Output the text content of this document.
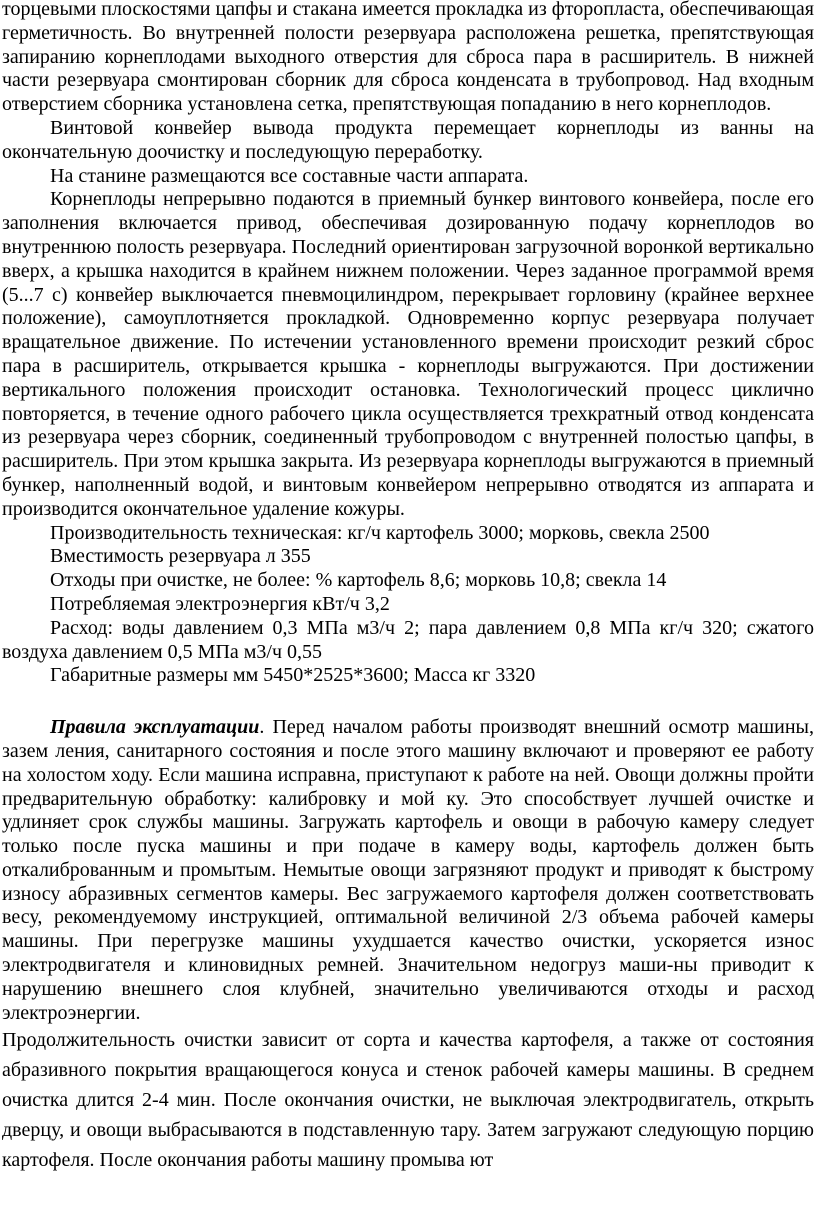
торцевыми плоскостями цапфы и стакана имеется прокладка из фторопласта, обеспечивающая герметичность. Во внутренней полости резервуара расположена решетка, препятствующая запиранию корнеплодами выходного отверстия для сброса пара в расширитель. В нижней части резервуара смонтирован сборник для сброса конденсата в трубопровод. Над входным отверстием сборника установлена сетка, препятствующая попаданию в него корнеплодов.

Винтовой конвейер вывода продукта перемещает корнеплоды из ванны на окончательную доочистку и последующую переработку.

На станине размещаются все составные части аппарата.

Корнеплоды непрерывно подаются в приемный бункер винтового конвейера, после его заполнения включается привод, обеспечивая дозированную подачу корнеплодов во внутреннюю полость резервуара. Последний ориентирован загрузочной воронкой вертикально вверх, а крышка находится в крайнем нижнем положении. Через заданное программой время (5...7 с) конвейер выключается пневмоцилиндром, перекрывает горловину (крайнее верхнее положение), самоуплотняется прокладкой. Одновременно корпус резервуара получает вращательное движение. По истечении установленного времени происходит резкий сброс пара в расширитель, открывается крышка - корнеплоды выгружаются. При достижении вертикального положения происходит остановка. Технологический процесс циклично повторяется, в течение одного рабочего цикла осуществляется трехкратный отвод конденсата из резервуара через сборник, соединенный трубопроводом с внутренней полостью цапфы, в расширитель. При этом крышка закрыта. Из резервуара корнеплоды выгружаются в приемный бункер, наполненный водой, и винтовым конвейером непрерывно отводятся из аппарата и производится окончательное удаление кожуры.

Производительность техническая: кг/ч картофель 3000; морковь, свекла 2500

Вместимость резервуара л 355

Отходы при очистке, не более: % картофель 8,6; морковь 10,8; свекла 14

Потребляемая электроэнергия кВт/ч 3,2

Расход: воды давлением 0,3 МПа м3/ч 2; пара давлением 0,8 МПа кг/ч 320; сжатого воздуха давлением 0,5 МПа м3/ч 0,55

Габаритные размеры мм 5450*2525*3600; Масса кг 3320

Правила эксплуатации. Перед началом работы производят внешний осмотр машины, зазем ления, санитарного состояния и после этого машину включают и проверяют ее работу на холостом ходу. Если машина исправна, приступают к работе на ней. Овощи должны пройти предварительную обработку: калибровку и мой ку. Это способствует лучшей очистке и удлиняет срок службы машины. Загружать картофель и овощи в рабочую камеру следует только после пуска машины и при подаче в камеру воды, картофель должен быть откалиброванным и промытым. Немытые овощи загрязняют продукт и приводят к быстрому износу абразивных сегментов камеры. Вес загружаемого картофеля должен соответствовать весу, рекомендуемому инструкцией, оптимальной величиной 2/3 объема рабочей камеры машины. При перегрузке машины ухудшается качество очистки, ускоряется износ электродвигателя и клиновидных ремней. Значительном недогруз маши-ны приводит к нарушению внешнего слоя клубней, значительно увеличиваются отходы и расход электроэнергии.

Продолжительность очистки зависит от сорта и качества картофеля, а также от состояния абразивного покрытия вращающегося конуса и стенок рабочей камеры машины. В среднем очистка длится 2-4 мин. После окончания очистки, не выключая электродвигатель, открыть дверцу, и овощи выбрасываются в подставленную тару. Затем загружают следующую порцию картофеля. После окончания работы машину промыва ют
